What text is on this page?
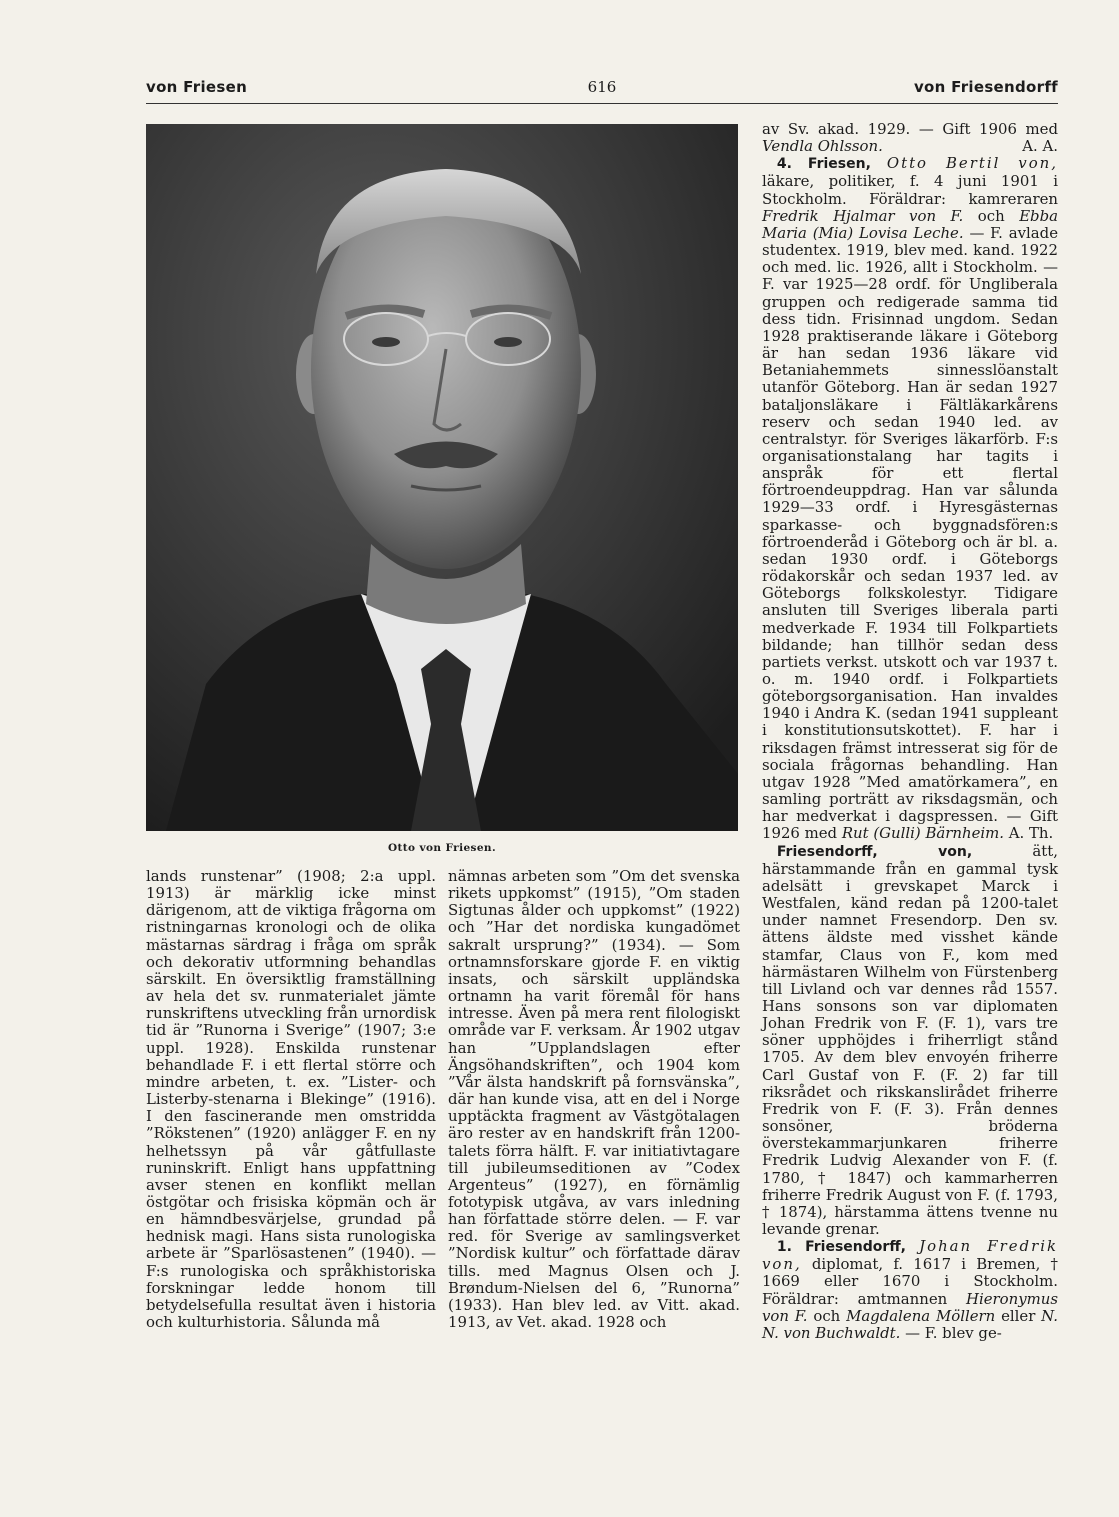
von Friesen	616	von Friesendorff
Otto von Friesen.

lands runstenar” (1908; 2:a uppl. 1913) är märklig icke minst därigenom, att de viktiga frågorna om ristningarnas kronologi och de olika mästarnas särdrag i fråga om språk och dekorativ utformning behandlas särskilt. En översiktlig framställning av hela det sv. runmaterialet jämte runskriftens utveckling från urnordisk tid är ”Runorna i Sverige” (1907; 3:e uppl. 1928). Enskilda runstenar behandlade F. i ett flertal större och mindre arbeten, t. ex. ”Lister- och Listerby-stenarna i Blekinge” (1916). I den fascinerande men omstridda ”Rökstenen” (1920) anlägger F. en ny helhetssyn på vår gåtfullaste runinskrift. Enligt hans uppfattning avser stenen en konflikt mellan östgötar och frisiska köpmän och är en hämndbesvärjelse, grundad på hednisk magi. Hans sista runologiska arbete är ”Sparlösastenen” (1940). — F:s runologiska och språkhistoriska forskningar ledde honom till betydelsefulla resultat även i historia och kulturhistoria. Sålunda må

nämnas arbeten som ”Om det svenska rikets uppkomst” (1915), ”Om staden Sigtunas ålder och uppkomst” (1922) och ”Har det nordiska kungadömet sakralt ursprung?” (1934). — Som ortnamnsforskare gjorde F. en viktig insats, och särskilt uppländska ortnamn ha varit föremål för hans intresse. Även på mera rent filologiskt område var F. verksam. År 1902 utgav han ”Upplandslagen efter Ängsöhandskriften”, och 1904 kom ”Vår älsta handskrift på fornsvänska”, där han kunde visa, att en del i Norge upptäckta fragment av Västgötalagen äro rester av en handskrift från 1200-talets förra hälft. F. var initiativtagare till jubileumseditionen av ”Codex Argenteus” (1927), en förnämlig fototypisk utgåva, av vars inledning han författade större delen. — F. var red. för Sverige av samlingsverket ”Nordisk kultur” och författade därav tills. med Magnus Olsen och J. Brøndum-Nielsen del 6, ”Runorna” (1933). Han blev led. av Vitt. akad. 1913, av Vet. akad. 1928 och

av Sv. akad. 1929. — Gift 1906 med Vendla Ohlsson.	A. A.

 4. Friesen, Otto Bertil von, läkare, politiker, f. 4 juni 1901 i Stockholm. Föräldrar: kamreraren Fredrik Hjalmar von F. och Ebba Maria (Mia) Lovisa Leche. — F. avlade studentex. 1919, blev med. kand. 1922 och med. lic. 1926, allt i Stockholm. — F. var 1925—28 ordf. för Ungliberala gruppen och redigerade samma tid dess tidn. Frisinnad ungdom. Sedan 1928 praktiserande läkare i Göteborg är han sedan 1936 läkare vid Betaniahemmets sinnesslöanstalt utanför Göteborg. Han är sedan 1927 bataljonsläkare i Fältläkarkårens reserv och sedan 1940 led. av centralstyr. för Sveriges läkarförb. F:s organisationstalang har tagits i anspråk för ett flertal förtroendeuppdrag. Han var sålunda 1929—33 ordf. i Hyresgästernas sparkasse- och byggnadsfören:s förtroenderåd i Göteborg och är bl. a. sedan 1930 ordf. i Göteborgs rödakorskår och sedan 1937 led. av Göteborgs folkskolestyr. Tidigare ansluten till Sveriges liberala parti medverkade F. 1934 till Folkpartiets bildande; han tillhör sedan dess partiets verkst. utskott och var 1937 t. o. m. 1940 ordf. i Folkpartiets göteborgsorganisation. Han invaldes 1940 i Andra K. (sedan 1941 suppleant i konstitutionsutskottet). F. har i riksdagen främst intresserat sig för de sociala frågornas behandling. Han utgav 1928 ”Med amatörkamera”, en samling porträtt av riksdagsmän, och har medverkat i dagspressen. — Gift 1926 med Rut (Gulli) Bärnheim. A. Th.

 Friesendorff, von, ätt, härstammande från en gammal tysk adelsätt i grevskapet Marck i Westfalen, känd redan på 1200-talet under namnet Fresendorp. Den sv. ättens äldste med visshet kände stamfar, Claus von F., kom med härmästaren Wilhelm von Fürstenberg till Livland och var dennes råd 1557. Hans sonsons son var diplomaten Johan Fredrik von F. (F. 1), vars tre söner upphöjdes i friherrligt stånd 1705. Av dem blev envoyén friherre Carl Gustaf von F. (F. 2) far till riksrådet och rikskanslirådet friherre Fredrik von F. (F. 3). Från dennes sonsöner, bröderna överstekammarjunkaren friherre Fredrik Ludvig Alexander von F. (f. 1780, † 1847) och kammarherren friherre Fredrik August von F. (f. 1793, † 1874), härstamma ättens tvenne nu levande grenar.

 1. Friesendorff, Johan Fredrik von, diplomat, f. 1617 i Bremen, † 1669 eller 1670 i Stockholm. Föräldrar: amtmannen Hieronymus von F. och Magdalena Möllern eller N. N. von Buchwaldt. — F. blev ge-
